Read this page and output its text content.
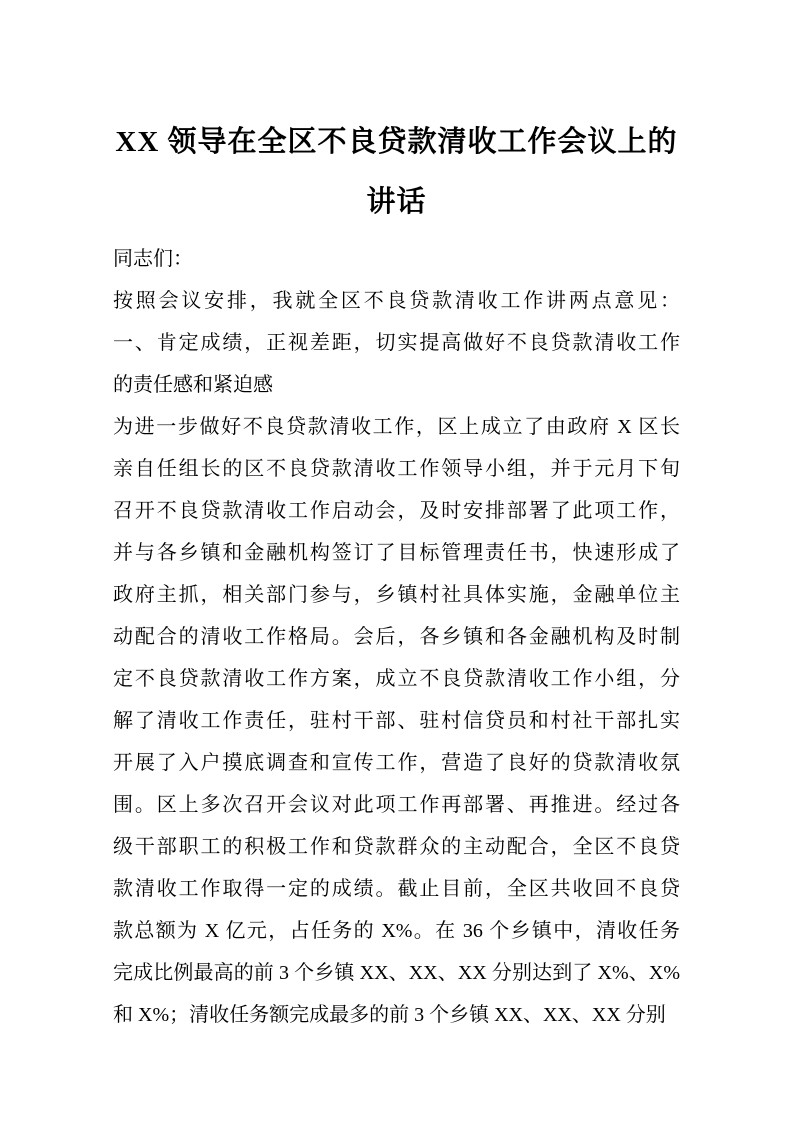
XX 领导在全区不良贷款清收工作会议上的
讲话
同志们：
按照会议安排，我就全区不良贷款清收工作讲两点意见：
一、肯定成绩，正视差距，切实提高做好不良贷款清收工作
的责任感和紧迫感
为进一步做好不良贷款清收工作，区上成立了由政府 X 区长
亲自任组长的区不良贷款清收工作领导小组，并于元月下旬
召开不良贷款清收工作启动会，及时安排部署了此项工作，
并与各乡镇和金融机构签订了目标管理责任书，快速形成了
政府主抓，相关部门参与，乡镇村社具体实施，金融单位主
动配合的清收工作格局。会后，各乡镇和各金融机构及时制
定不良贷款清收工作方案，成立不良贷款清收工作小组，分
解了清收工作责任，驻村干部、驻村信贷员和村社干部扎实
开展了入户摸底调查和宣传工作，营造了良好的贷款清收氛
围。区上多次召开会议对此项工作再部署、再推进。经过各
级干部职工的积极工作和贷款群众的主动配合，全区不良贷
款清收工作取得一定的成绩。截止目前，全区共收回不良贷
款总额为 X 亿元，占任务的 X%。在 36 个乡镇中，清收任务
完成比例最高的前 3 个乡镇 XX、XX、XX 分别达到了 X%、X%
和 X%；清收任务额完成最多的前 3 个乡镇 XX、XX、XX 分别
